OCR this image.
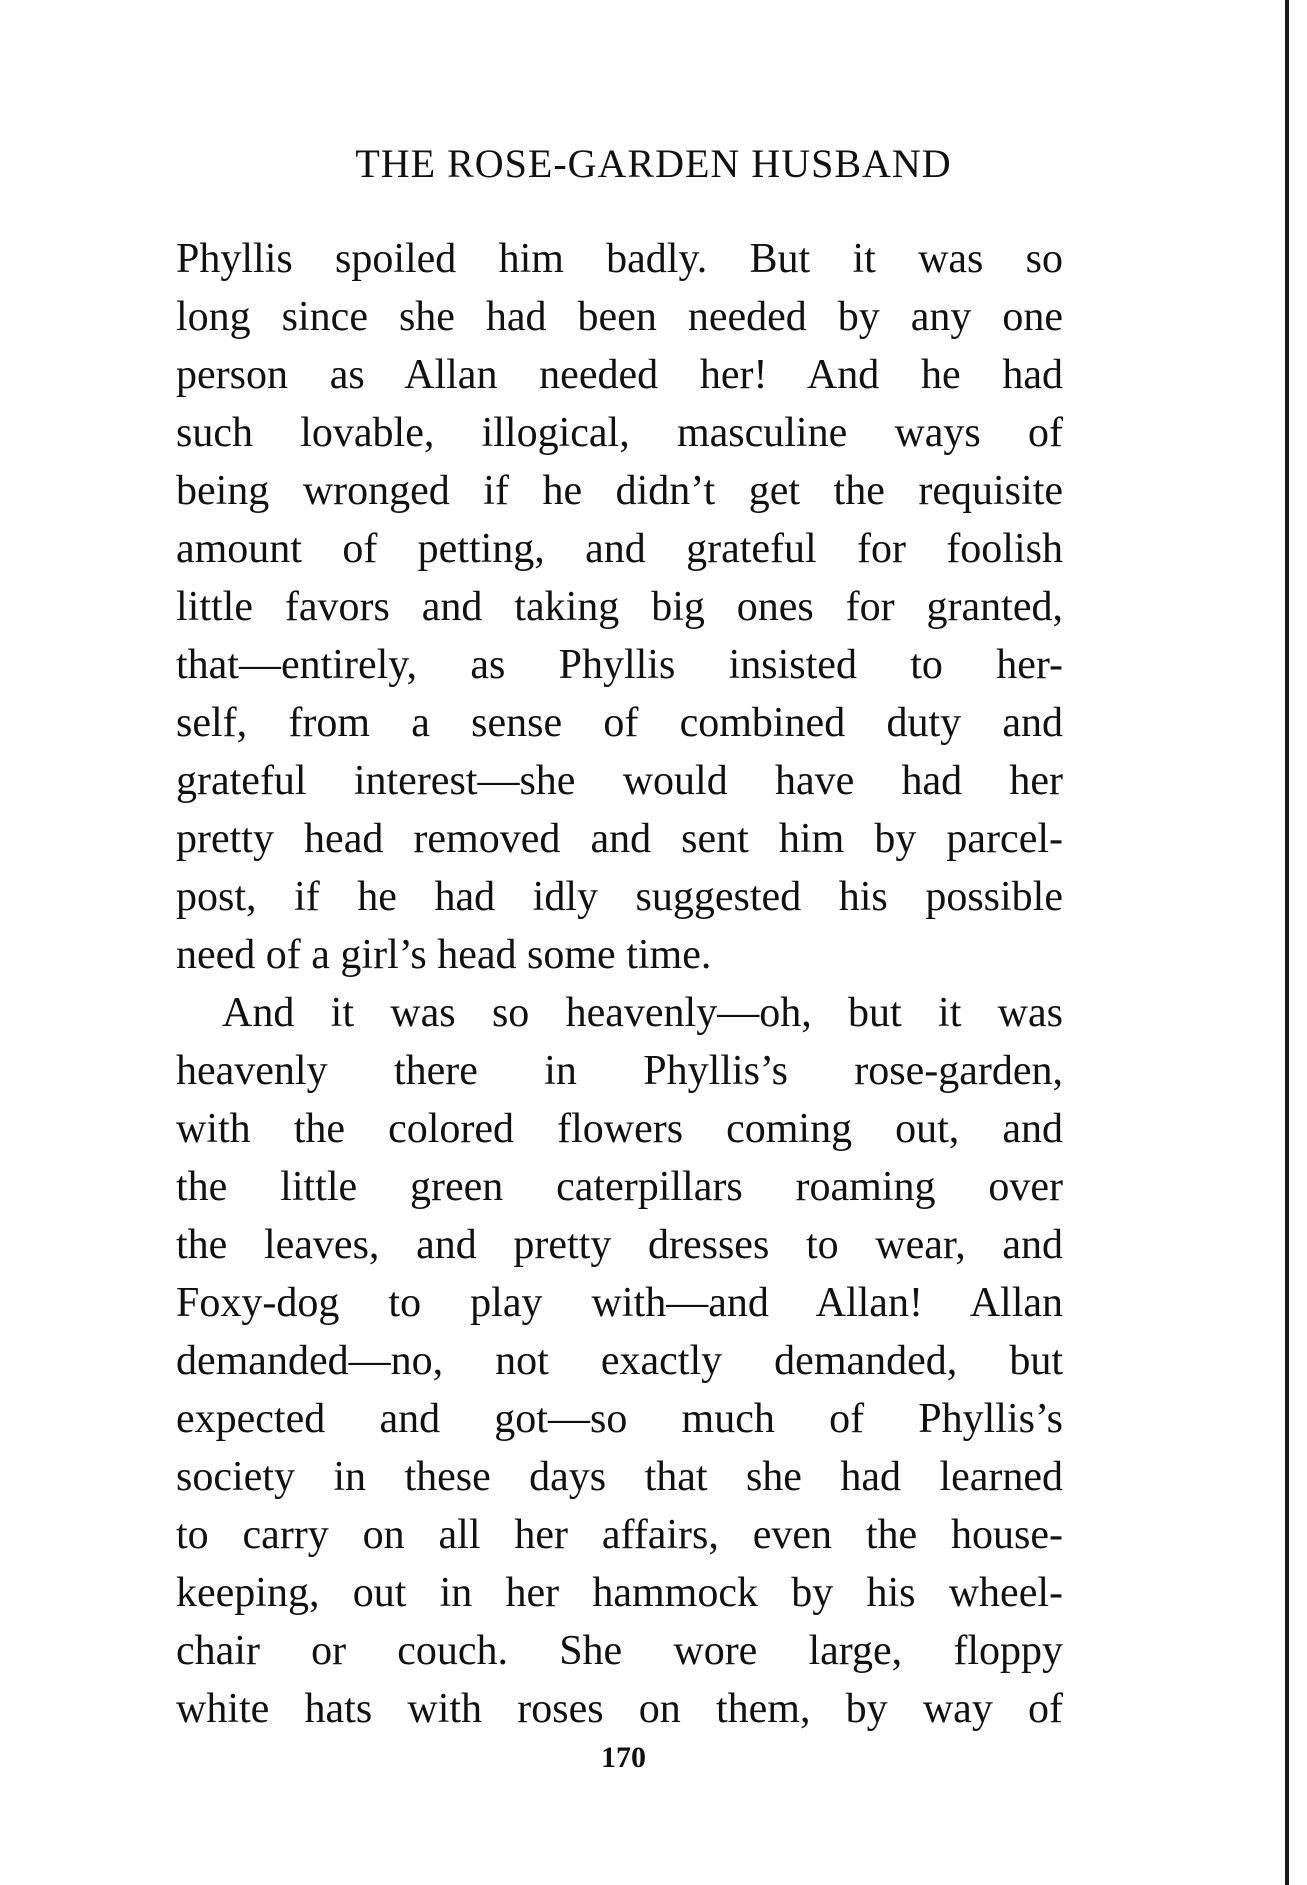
THE ROSE-GARDEN HUSBAND
Phyllis spoiled him badly. But it was so
long since she had been needed by any one
person as Allan needed her! And he had
such lovable, illogical, masculine ways of
being wronged if he didn’t get the requisite
amount of petting, and grateful for foolish
little favors and taking big ones for granted,
that—entirely, as Phyllis insisted to her-
self, from a sense of combined duty and
grateful interest—she would have had her
pretty head removed and sent him by parcel-
post, if he had idly suggested his possible
need of a girl’s head some time.
And it was so heavenly—oh, but it was
heavenly there in Phyllis’s rose-garden,
with the colored flowers coming out, and
the little green caterpillars roaming over
the leaves, and pretty dresses to wear, and
Foxy-dog to play with—and Allan! Allan
demanded—no, not exactly demanded, but
expected and got—so much of Phyllis’s
society in these days that she had learned
to carry on all her affairs, even the house-
keeping, out in her hammock by his wheel-
chair or couch. She wore large, floppy
white hats with roses on them, by way of
170
